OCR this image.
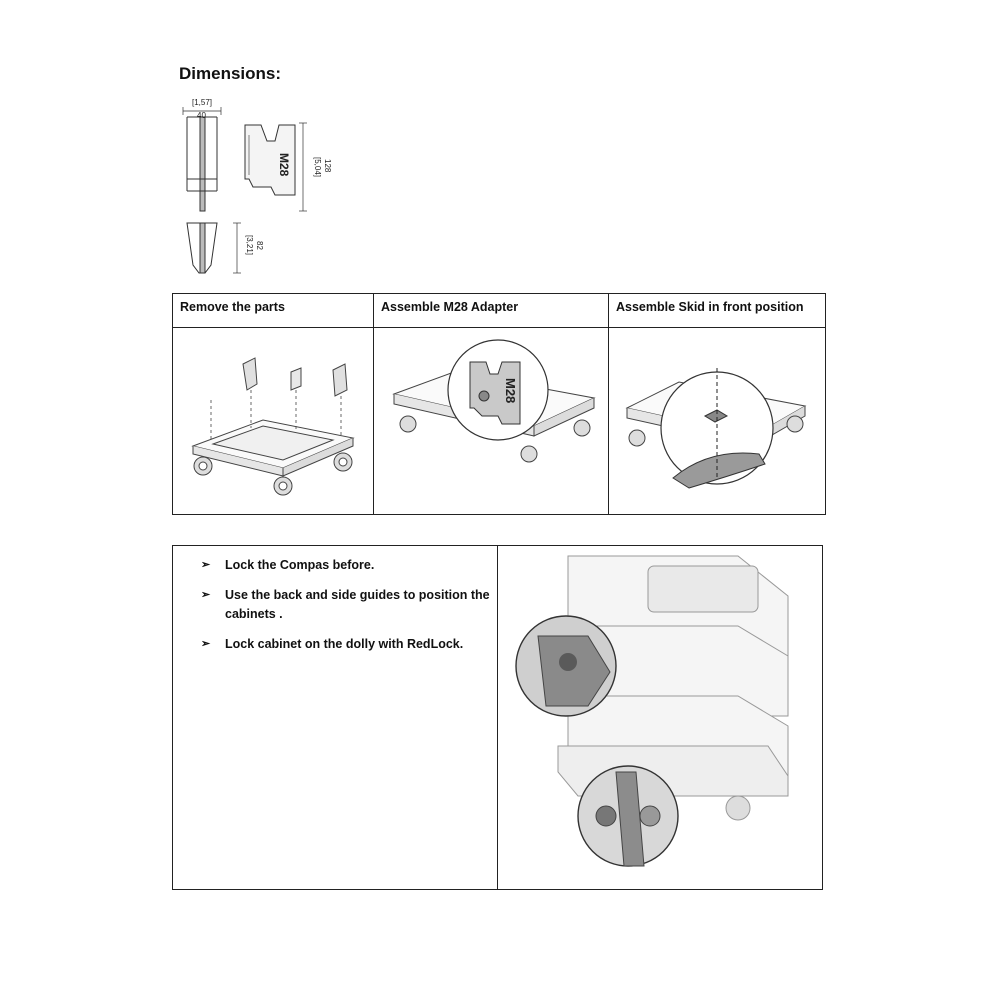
Dimensions:
[1,57]
40
M28	[5,04] 128
[3,21] 82
Remove the parts	Assemble M28 Adapter	Assemble Skid in front position
M28
➢ Lock the Compas before.
➢ Use the back and side guides to position the cabinets .
➢ Lock cabinet on the dolly with RedLock.
